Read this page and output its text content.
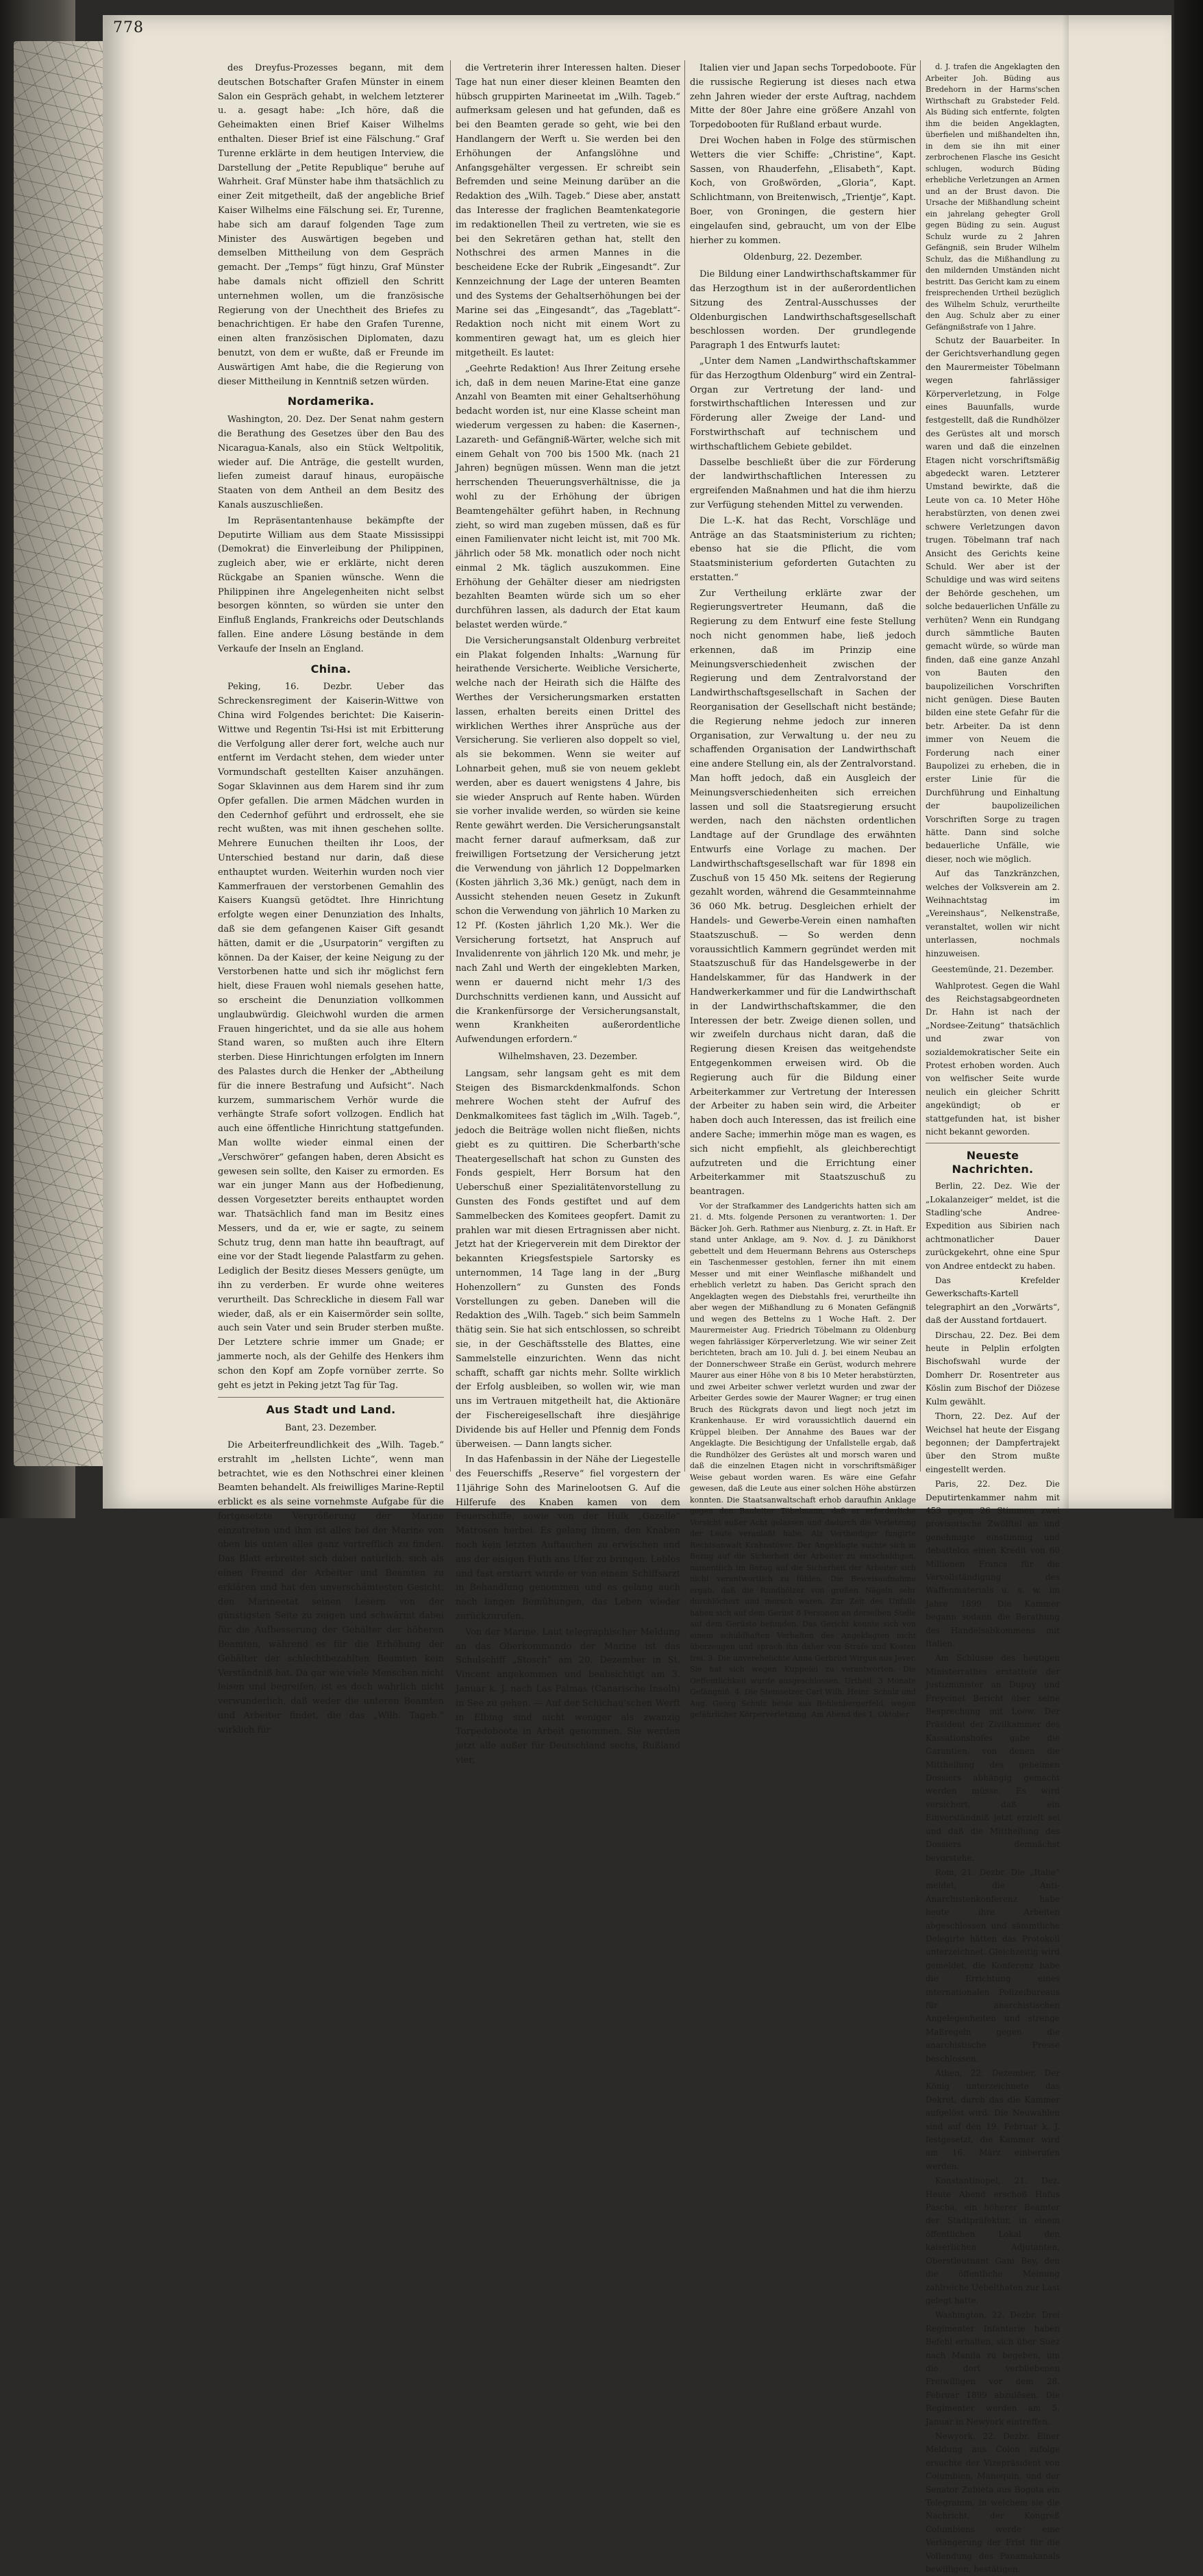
778

des Dreyfus-Prozesses begann, mit dem deutschen Botschafter Grafen Münster in einem Salon ein Gespräch gehabt, in welchem letzterer u. a. gesagt habe: „Ich höre, daß die Geheimakten einen Brief Kaiser Wilhelms enthalten. Dieser Brief ist eine Fälschung.“ Graf Turenne erklärte in dem heutigen Interview, die Darstellung der „Petite Republique“ beruhe auf Wahrheit. Graf Münster habe ihm thatsächlich zu einer Zeit mitgetheilt, daß der angebliche Brief Kaiser Wilhelms eine Fälschung sei. Er, Turenne, habe sich am darauf folgenden Tage zum Minister des Auswärtigen begeben und demselben Mittheilung von dem Gespräch gemacht. Der „Temps“ fügt hinzu, Graf Münster habe damals nicht offiziell den Schritt unternehmen wollen, um die französische Regierung von der Unechtheit des Briefes zu benachrichtigen. Er habe den Grafen Turenne, einen alten französischen Diplomaten, dazu benutzt, von dem er wußte, daß er Freunde im Auswärtigen Amt habe, die die Regierung von dieser Mittheilung in Kenntniß setzen würden.

Nordamerika.

Washington, 20. Dez. Der Senat nahm gestern die Berathung des Gesetzes über den Bau des Nicaragua-Kanals, also ein Stück Weltpolitik, wieder auf. Die Anträge, die gestellt wurden, liefen zumeist darauf hinaus, europäische Staaten von dem Antheil an dem Besitz des Kanals auszuschließen.

Im Repräsentantenhause bekämpfte der Deputirte William aus dem Staate Mississippi (Demokrat) die Einverleibung der Philippinen, zugleich aber, wie er erklärte, nicht deren Rückgabe an Spanien wünsche. Wenn die Philippinen ihre Angelegenheiten nicht selbst besorgen könnten, so würden sie unter den Einfluß Englands, Frankreichs oder Deutschlands fallen. Eine andere Lösung bestände in dem Verkaufe der Inseln an England.

China.

Peking, 16. Dezbr. Ueber das Schreckensregiment der Kaiserin-Wittwe von China wird Folgendes berichtet: Die Kaiserin-Wittwe und Regentin Tsi-Hsi ist mit Erbitterung die Verfolgung aller derer fort, welche auch nur entfernt im Verdacht stehen, dem wieder unter Vormundschaft gestellten Kaiser anzuhängen. Sogar Sklavinnen aus dem Harem sind ihr zum Opfer gefallen. Die armen Mädchen wurden in den Cedernhof geführt und erdrosselt, ehe sie recht wußten, was mit ihnen geschehen sollte. Mehrere Eunuchen theilten ihr Loos, der Unterschied bestand nur darin, daß diese enthauptet wurden. Weiterhin wurden noch vier Kammerfrauen der verstorbenen Gemahlin des Kaisers Kuangsü getödtet. Ihre Hinrichtung erfolgte wegen einer Denunziation des Inhalts, daß sie dem gefangenen Kaiser Gift gesandt hätten, damit er die „Usurpatorin“ vergiften zu können. Da der Kaiser, der keine Neigung zu der Verstorbenen hatte und sich ihr möglichst fern hielt, diese Frauen wohl niemals gesehen hatte, so erscheint die Denunziation vollkommen unglaubwürdig. Gleichwohl wurden die armen Frauen hingerichtet, und da sie alle aus hohem Stand waren, so mußten auch ihre Eltern sterben. Diese Hinrichtungen erfolgten im Innern des Palastes durch die Henker der „Abtheilung für die innere Bestrafung und Aufsicht“. Nach kurzem, summarischem Verhör wurde die verhängte Strafe sofort vollzogen. Endlich hat auch eine öffentliche Hinrichtung stattgefunden. Man wollte wieder einmal einen der „Verschwörer“ gefangen haben, deren Absicht es gewesen sein sollte, den Kaiser zu ermorden. Es war ein junger Mann aus der Hofbedienung, dessen Vorgesetzter bereits enthauptet worden war. Thatsächlich fand man im Besitz eines Messers, und da er, wie er sagte, zu seinem Schutz trug, denn man hatte ihn beauftragt, auf eine vor der Stadt liegende Palastfarm zu gehen. Lediglich der Besitz dieses Messers genügte, um ihn zu verderben. Er wurde ohne weiteres verurtheilt. Das Schreckliche in diesem Fall war wieder, daß, als er ein Kaisermörder sein sollte, auch sein Vater und sein Bruder sterben mußte. Der Letztere schrie immer um Gnade; er jammerte noch, als der Gehilfe des Henkers ihm schon den Kopf am Zopfe vornüber zerrte. So geht es jetzt in Peking jetzt Tag für Tag.

Aus Stadt und Land.

Bant, 23. Dezember.

Die Arbeiterfreundlichkeit des „Wilh. Tageb.“ erstrahlt im „hellsten Lichte“, wenn man betrachtet, wie es den Nothschrei einer kleinen Beamten behandelt. Als freiwilliges Marine-Reptil erblickt es als seine vornehmste Aufgabe für die fortgesetzte Vergrößerung der Marine einzutreten und ihm ist alles bei der Marine von oben bis unten alles ganz vortrefflich zu finden. Das Blatt erbreitet sich dabei natürlich, sich als einen Freund der Arbeiter und Beamten zu erklären und hat den unverschämtesten Gesicht, den Marineetat seinen Lesern von der günstigsten Seite zu zeigen und schwärmt dabei für die Aufbesserung der Gehälter der höheren Beamten, während es für die Erhöhung der Gehälter der schlechtbezahlten Beamten kein Verständniß hat. Da gar wie viele Menschen nicht leisen und begreifen, ist es doch wahrlich nicht verwunderlich, daß weder die unteren Beamten und Arbeiter findet, die das „Wilh. Tageb.“ wirklich für

die Vertreterin ihrer Interessen halten. Dieser Tage hat nun einer dieser kleinen Beamten den hübsch gruppirten Marineetat im „Wilh. Tageb.“ aufmerksam gelesen und hat gefunden, daß es bei den Beamten gerade so geht, wie bei den Handlangern der Werft u. Sie werden bei den Erhöhungen der Anfangslöhne und Anfangsgehälter vergessen. Er schreibt sein Befremden und seine Meinung darüber an die Redaktion des „Wilh. Tageb.“ Diese aber, anstatt das Interesse der fraglichen Beamtenkategorie im redaktionellen Theil zu vertreten, wie sie es bei den Sekretären gethan hat, stellt den Nothschrei des armen Mannes in die bescheidene Ecke der Rubrik „Eingesandt“. Zur Kennzeichnung der Lage der unteren Beamten und des Systems der Gehaltserhöhungen bei der Marine sei das „Eingesandt“, das „Tageblatt“-Redaktion noch nicht mit einem Wort zu kommentiren gewagt hat, um es gleich hier mitgetheilt. Es lautet:

„Geehrte Redaktion! Aus Ihrer Zeitung ersehe ich, daß in dem neuen Marine-Etat eine ganze Anzahl von Beamten mit einer Gehaltserhöhung bedacht worden ist, nur eine Klasse scheint man wiederum vergessen zu haben: die Kasernen-, Lazareth- und Gefängniß-Wärter, welche sich mit einem Gehalt von 700 bis 1500 Mk. (nach 21 Jahren) begnügen müssen. Wenn man die jetzt herrschenden Theuerungsverhältnisse, die ja wohl zu der Erhöhung der übrigen Beamtengehälter geführt haben, in Rechnung zieht, so wird man zugeben müssen, daß es für einen Familienvater nicht leicht ist, mit 700 Mk. jährlich oder 58 Mk. monatlich oder noch nicht einmal 2 Mk. täglich auszukommen. Eine Erhöhung der Gehälter dieser am niedrigsten bezahlten Beamten würde sich um so eher durchführen lassen, als dadurch der Etat kaum belastet werden würde.“

Die Versicherungsanstalt Oldenburg verbreitet ein Plakat folgenden Inhalts: „Warnung für heirathende Versicherte. Weibliche Versicherte, welche nach der Heirath sich die Hälfte des Werthes der Versicherungsmarken erstatten lassen, erhalten bereits einen Drittel des wirklichen Werthes ihrer Ansprüche aus der Versicherung. Sie verlieren also doppelt so viel, als sie bekommen. Wenn sie weiter auf Lohnarbeit gehen, muß sie von neuem geklebt werden, aber es dauert wenigstens 4 Jahre, bis sie wieder Anspruch auf Rente haben. Würden sie vorher invalide werden, so würden sie keine Rente gewährt werden. Die Versicherungsanstalt macht ferner darauf aufmerksam, daß zur freiwilligen Fortsetzung der Versicherung jetzt die Verwendung von jährlich 12 Doppelmarken (Kosten jährlich 3,36 Mk.) genügt, nach dem in Aussicht stehenden neuen Gesetz in Zukunft schon die Verwendung von jährlich 10 Marken zu 12 Pf. (Kosten jährlich 1,20 Mk.). Wer die Versicherung fortsetzt, hat Anspruch auf Invalidenrente von jährlich 120 Mk. und mehr, je nach Zahl und Werth der eingeklebten Marken, wenn er dauernd nicht mehr 1/3 des Durchschnitts verdienen kann, und Aussicht auf die Krankenfürsorge der Versicherungsanstalt, wenn Krankheiten außerordentliche Aufwendungen erfordern.“

Wilhelmshaven, 23. Dezember.

Langsam, sehr langsam geht es mit dem Steigen des Bismarckdenkmalfonds. Schon mehrere Wochen steht der Aufruf des Denkmalkomitees fast täglich im „Wilh. Tageb.“, jedoch die Beiträge wollen nicht fließen, nichts giebt es zu quittiren. Die Scherbarth'sche Theatergesellschaft hat schon zu Gunsten des Fonds gespielt, Herr Borsum hat den Ueberschuß einer Spezialitätenvorstellung zu Gunsten des Fonds gestiftet und auf dem Sammelbecken des Komitees geopfert. Damit zu prahlen war mit diesen Ertragnissen aber nicht. Jetzt hat der Kriegerverein mit dem Direktor der bekannten Kriegsfestspiele Sartorsky es unternommen, 14 Tage lang in der „Burg Hohenzollern“ zu Gunsten des Fonds Vorstellungen zu geben. Daneben will die Redaktion des „Wilh. Tageb.“ sich beim Sammeln thätig sein. Sie hat sich entschlossen, so schreibt sie, in der Geschäftsstelle des Blattes, eine Sammelstelle einzurichten. Wenn das nicht schafft, schafft gar nichts mehr. Sollte wirklich der Erfolg ausbleiben, so wollen wir, wie man uns im Vertrauen mitgetheilt hat, die Aktionäre der Fischereigesellschaft ihre diesjährige Dividende bis auf Heller und Pfennig dem Fonds überweisen. — Dann langts sicher.

In das Hafenbassin in der Nähe der Liegestelle des Feuerschiffs „Reserve“ fiel vorgestern der 11jährige Sohn des Marinelootsen G. Auf die Hilferufe des Knaben kamen von dem Feuerschiffe, sowie von der Hulk „Gazelle“ Matrosen herbei. Es gelang ihnen, den Knaben noch kein letzten Auftauchen zu erwischen und aus der eisigen Fluth ans Ufer zu bringen. Leblos und fast erstarrt wurde er von einem Schiffsarzt in Behandlung genommen und es gelang auch nach langen Bemühungen, das Leben wieder zurückzurufen.

Von der Marine. Laut telegraphischer Meldung an das Oberkommando der Marine ist das Schulschiff „Stosch“ am 20. Dezember in St. Vincent angekommen und beabsichtigt am 3. Januar k. J. nach Las Palmas (Canarische Inseln) in See zu gehen. — Auf der Schichau'schen Werft in Elbing sind nicht weniger als zwanzig Torpedoboote in Arbeit genommen. Sie werden jetzt alle außer für Deutschland sechs, Rußland vier,

Italien vier und Japan sechs Torpedoboote. Für die russische Regierung ist dieses nach etwa zehn Jahren wieder der erste Auftrag, nachdem Mitte der 80er Jahre eine größere Anzahl von Torpedobooten für Rußland erbaut wurde.

Drei Wochen haben in Folge des stürmischen Wetters die vier Schiffe: „Christine“, Kapt. Sassen, von Rhauderfehn, „Elisabeth“, Kapt. Koch, von Großwörden, „Gloria“, Kapt. Schlichtmann, von Breitenwisch, „Trientje“, Kapt. Boer, von Groningen, die gestern hier eingelaufen sind, gebraucht, um von der Elbe hierher zu kommen.

Oldenburg, 22. Dezember.

Die Bildung einer Landwirthschaftskammer für das Herzogthum ist in der außerordentlichen Sitzung des Zentral-Ausschusses der Oldenburgischen Landwirthschaftsgesellschaft beschlossen worden. Der grundlegende Paragraph 1 des Entwurfs lautet:

„Unter dem Namen „Landwirthschaftskammer für das Herzogthum Oldenburg“ wird ein Zentral-Organ zur Vertretung der land- und forstwirthschaftlichen Interessen und zur Förderung aller Zweige der Land- und Forstwirthschaft auf technischem und wirthschaftlichem Gebiete gebildet.

Dasselbe beschließt über die zur Förderung der landwirthschaftlichen Interessen zu ergreifenden Maßnahmen und hat die ihm hierzu zur Verfügung stehenden Mittel zu verwenden.

Die L.-K. hat das Recht, Vorschläge und Anträge an das Staatsministerium zu richten; ebenso hat sie die Pflicht, die vom Staatsministerium geforderten Gutachten zu erstatten.“

Zur Vertheilung erklärte zwar der Regierungsvertreter Heumann, daß die Regierung zu dem Entwurf eine feste Stellung noch nicht genommen habe, ließ jedoch erkennen, daß im Prinzip eine Meinungsverschiedenheit zwischen der Regierung und dem Zentralvorstand der Landwirthschaftsgesellschaft in Sachen der Reorganisation der Gesellschaft nicht bestände; die Regierung nehme jedoch zur inneren Organisation, zur Verwaltung u. der neu zu schaffenden Organisation der Landwirthschaft eine andere Stellung ein, als der Zentralvorstand. Man hofft jedoch, daß ein Ausgleich der Meinungsverschiedenheiten sich erreichen lassen und soll die Staatsregierung ersucht werden, nach den nächsten ordentlichen Landtage auf der Grundlage des erwähnten Entwurfs eine Vorlage zu machen. Der Landwirthschaftsgesellschaft war für 1898 ein Zuschuß von 15 450 Mk. seitens der Regierung gezahlt worden, während die Gesammteinnahme 36 060 Mk. betrug. Desgleichen erhielt der Handels- und Gewerbe-Verein einen namhaften Staatszuschuß. — So werden denn voraussichtlich Kammern gegründet werden mit Staatszuschuß für das Handelsgewerbe in der Handelskammer, für das Handwerk in der Handwerkerkammer und für die Landwirthschaft in der Landwirthschaftskammer, die den Interessen der betr. Zweige dienen sollen, und wir zweifeln durchaus nicht daran, daß die Regierung diesen Kreisen das weitgehendste Entgegenkommen erweisen wird. Ob die Regierung auch für die Bildung einer Arbeiterkammer zur Vertretung der Interessen der Arbeiter zu haben sein wird, die Arbeiter haben doch auch Interessen, das ist freilich eine andere Sache; immerhin möge man es wagen, es sich nicht empfiehlt, als gleichberechtigt aufzutreten und die Errichtung einer Arbeiterkammer mit Staatszuschuß zu beantragen.

Vor der Strafkammer des Landgerichts hatten sich am 21. d. Mts. folgende Personen zu verantworten: 1. Der Bäcker Joh. Gerh. Rathmer aus Nienburg, z. Zt. in Haft. Er stand unter Anklage, am 9. Nov. d. J. zu Dänikhorst gebettelt und dem Heuermann Behrens aus Osterscheps ein Taschenmesser gestohlen, ferner ihn mit einem Messer und mit einer Weinflasche mißhandelt und erheblich verletzt zu haben. Das Gericht sprach den Angeklagten wegen des Diebstahls frei, verurtheilte ihn aber wegen der Mißhandlung zu 6 Monaten Gefängniß und wegen des Bettelns zu 1 Woche Haft. 2. Der Maurermeister Aug. Friedrich Töbelmann zu Oldenburg wegen fahrlässiger Körperverletzung. Wie wir seiner Zeit berichteten, brach am 10. Juli d. J. bei einem Neubau an der Donnerschweer Straße ein Gerüst, wodurch mehrere Maurer aus einer Höhe von 8 bis 10 Meter herabstürzten, und zwei Arbeiter schwer verletzt wurden und zwar der Arbeiter Gerdes sowie der Maurer Wagner; er trug einen Bruch des Rückgrats davon und liegt noch jetzt im Krankenhause. Er wird voraussichtlich dauernd ein Krüppel bleiben. Der Annahme des Baues war der Angeklagte. Die Besichtigung der Unfallstelle ergab, daß die Rundhölzer des Gerüstes alt und morsch waren und daß die einzelnen Etagen nicht in vorschriftsmäßiger Weise gebaut worden waren. Es wäre eine Gefahr gewesen, daß die Leute aus einer solchen Höhe abstürzen konnten. Die Staatsanwaltschaft erhob daraufhin Anklage gegen den Bauleiter Töbelmann, daß er erforderliche Vorsicht außer Acht gelassen und dadurch die Verletzung der Leute veranlaßt habe. Als Vertheidiger fungirte Rechtsanwalt Krahnstöver. Der Angeklagte suchte sich in Bezug auf die Sicherheit der Arbeiter zu entschuldigen, namentlich im Bezug auf die Sicherheit der Arbeiter sich nicht verantwortlich zu fühlen. Die Beweisaufnahme ergab, daß die Rundhölzer von großen Nägeln sehr durchlöchert und morsch waren. Zur Zeit des Unfalls haben sich auf dem Gerüst 8 Personen an derselben Stelle auf dem Gerüste befunden. Das Gericht konnte sich von einem schuldhaften Verhalten des Angeklagten nicht überzeugen und sprach ihn daher von Strafe und Kosten frei. 3. Die unverehelichte Anna Gerbrüd Wirgus aus Jever. Sie hat sich wegen Kuppelei zu verantworten. Die Oeffentlichkeit wurde ausgeschlossen. Urtheil: 3 Monate Gefängniß. 4. Die Steinsetzer Carl Wilh. Heinr. Schulz und Aug. Georg Schulz beide aus Bohlenbergerfeld, wegen gefährlicher Körperverletzung. Am Abend des 1. Oktober

d. J. trafen die Angeklagten den Arbeiter Joh. Büding aus Bredehorn in der Harms'schen Wirthschaft zu Grabsteder Feld. Als Büding sich entfernte, folgten ihm die beiden Angeklagten, überfielen und mißhandelten ihn, in dem sie ihn mit einer zerbrochenen Flasche ins Gesicht schlugen, wodurch Büding erhebliche Verletzungen an Armen und an der Brust davon. Die Ursache der Mißhandlung scheint ein jahrelang gehegter Groll gegen Büding zu sein. August Schulz wurde zu 2 Jahren Gefängniß, sein Bruder Wilhelm Schulz, das die Mißhandlung zu den mildernden Umständen nicht bestritt. Das Gericht kam zu einem freisprechenden Urtheil bezüglich des Wilhelm Schulz, verurtheilte den Aug. Schulz aber zu einer Gefängnißstrafe von 1 Jahre.

Schutz der Bauarbeiter. In der Gerichtsverhandlung gegen den Maurermeister Töbelmann wegen fahrlässiger Körperverletzung, in Folge eines Bauunfalls, wurde festgestellt, daß die Rundhölzer des Gerüstes alt und morsch waren und daß die einzelnen Etagen nicht vorschriftsmäßig abgedeckt waren. Letzterer Umstand bewirkte, daß die Leute von ca. 10 Meter Höhe herabstürzten, von denen zwei schwere Verletzungen davon trugen. Töbelmann traf nach Ansicht des Gerichts keine Schuld. Wer aber ist der Schuldige und was wird seitens der Behörde geschehen, um solche bedauerlichen Unfälle zu verhüten? Wenn ein Rundgang durch sämmtliche Bauten gemacht würde, so würde man finden, daß eine ganze Anzahl von Bauten den baupolizeilichen Vorschriften nicht genügen. Diese Bauten bilden eine stete Gefahr für die betr. Arbeiter. Da ist denn immer von Neuem die Forderung nach einer Baupolizei zu erheben, die in erster Linie für die Durchführung und Einhaltung der baupolizeilichen Vorschriften Sorge zu tragen hätte. Dann sind solche bedauerliche Unfälle, wie dieser, noch wie möglich.

Auf das Tanzkränzchen, welches der Volksverein am 2. Weihnachtstag im „Vereinshaus“, Nelkenstraße, veranstaltet, wollen wir nicht unterlassen, nochmals hinzuweisen.

Geestemünde, 21. Dezember.

Wahlprotest. Gegen die Wahl des Reichstagsabgeordneten Dr. Hahn ist nach der „Nordsee-Zeitung“ thatsächlich und zwar von sozialdemokratischer Seite ein Protest erhoben worden. Auch von welfischer Seite wurde neulich ein gleicher Schritt angekündigt; ob er stattgefunden hat, ist bisher nicht bekannt geworden.

Neueste Nachrichten.

Berlin, 22. Dez. Wie der „Lokalanzeiger“ meldet, ist die Stadling'sche Andree-Expedition aus Sibirien nach achtmonatlicher Dauer zurückgekehrt, ohne eine Spur von Andree entdeckt zu haben.

Das Krefelder Gewerkschafts-Kartell telegraphirt an den „Vorwärts“, daß der Ausstand fortdauert.

Dirschau, 22. Dez. Bei dem heute in Pelplin erfolgten Bischofswahl wurde der Domherr Dr. Rosentreter aus Köslin zum Bischof der Diözese Kulm gewählt.

Thorn, 22. Dez. Auf der Weichsel hat heute der Eisgang begonnen; der Dampfertrajekt über den Strom mußte eingestellt werden.

Paris, 22. Dez. Die Deputirtenkammer nahm mit 453 gegen 26 Stimmen zwei provisorische Zwölftel an und genehmigte einstimmig und debattelos einen Kredit von 60 Millionen Francs für die Vervollständigung des Waffenmaterials u. s. w. im Jahre 1899. Die Kammer begann sodann die Berathung des Handelsabkommens mit Italien.

Am Schlusse des heutigen Ministerrathes erstattete der Justizminister an Dupuy und Freycinet Bericht über seine Besprechung mit Loew. Der Präsident der Zivilkammer des Kassationshofes gabe die Garantien, von denen die Mittheilung des geheimen Dossiers abhängig gemacht werden müsse. Es wird versichert, daß ein Einverständniß jetzt erzielt sei und daß die Mittheilung des Dossiers demnächst bevorstehe.

Rom, 21. Dezbr. Die „Italie“ meldet, die Anti-Anarchistenkonferenz habe heute ihre Arbeiten abgeschlossen und sämmtliche Delegirte hätten das Protokoll unterzeichnet. Gleichzeitig wird gemeldet, die Konferenz habe die Errichtung eines internationalen Polizeibureaus für anarchistischen Angelegenheiten und strenge Maßregeln gegen die anarchistische Presse beschlossen.

Athen, 22. Dezember. Der König unterzeichnete das Dekret, durch das die Kammer aufgelöst wird. Die Neuwahlen sind auf den 19. Februar k. J. festgesetzt, die Kammer wird am 16. März einberufen werden.

Konstantinopel, 21. Dez. Heute Abend erschoß Hafus Pascha, ein höherer Beamter der Stadtpräfektur, in einem öffentlichen Lokal den kaiserlichen Adjutanten, Oberstleutnant Gani Bey, den die öffentliche Meinung zahlreiche Uebelthaten zur Last gelegt hatte.

Washington, 22. Dezbr. Drei Regimenter Infanterie haben Befehl erhalten, sich über Suez nach Manila zu begeben, um die dort verbliebenen Freiwilligen vor dem 28. Februar 1899 abzulösen. Die Regimenter werden am 5. Januar in Newyork eintreffen.

Newyork, 22. Dezbr. Einer Meldung aus Colon zufolge ersuchte der Vizepräsident von Columbien, Manoquin, und der Senator Zubieta aus Bogota ein Telegramm, in welchem sie die Nachricht, der Kongreß Columbiens werde eine Verlängerung der Frist für die Vollendung des Panamakanals bewilligen, bestätigen.
